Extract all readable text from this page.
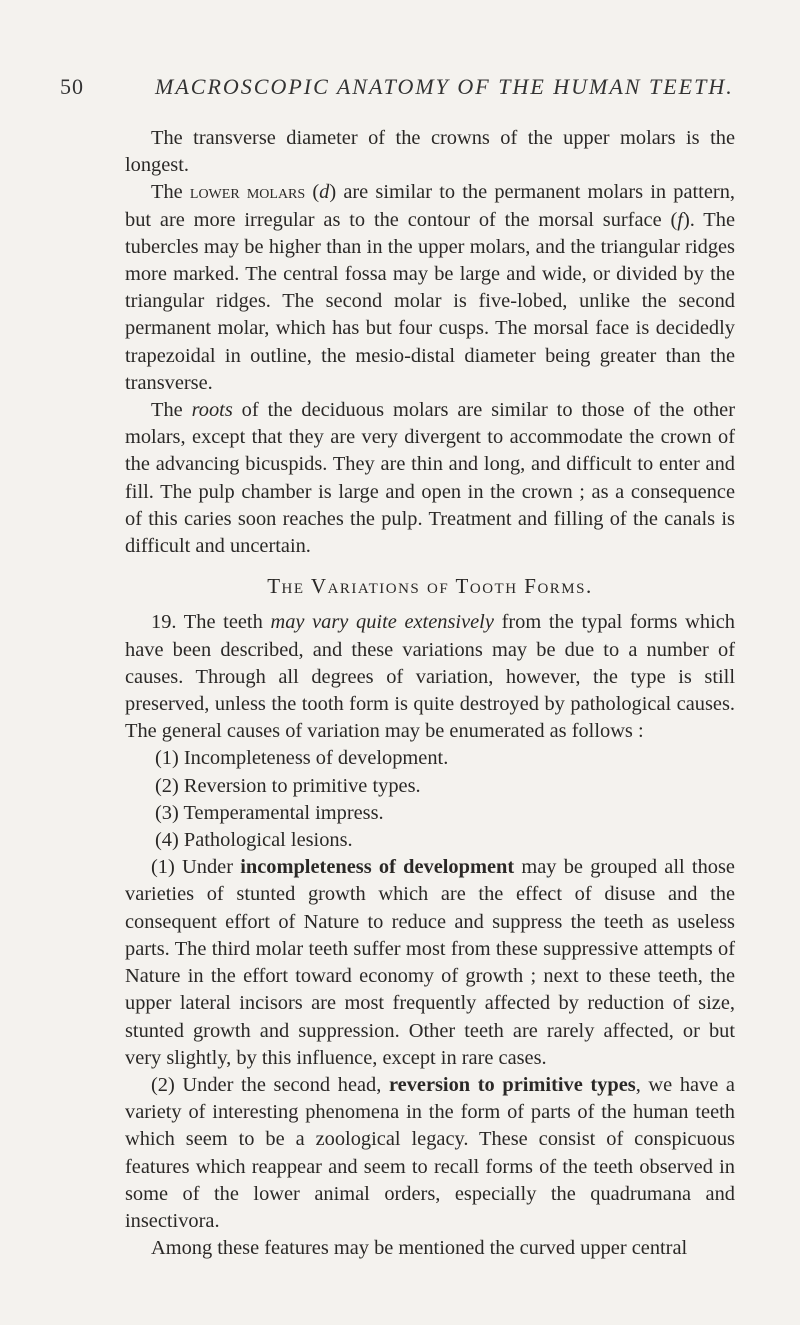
50	MACROSCOPIC ANATOMY OF THE HUMAN TEETH.

The transverse diameter of the crowns of the upper molars is the longest.

The lower molars (d) are similar to the permanent molars in pattern, but are more irregular as to the contour of the morsal surface (f). The tubercles may be higher than in the upper molars, and the triangular ridges more marked. The central fossa may be large and wide, or divided by the triangular ridges. The second molar is five-lobed, unlike the second permanent molar, which has but four cusps. The morsal face is decidedly trapezoidal in outline, the mesio-distal diameter being greater than the transverse.

The roots of the deciduous molars are similar to those of the other molars, except that they are very divergent to accommodate the crown of the advancing bicuspids. They are thin and long, and difficult to enter and fill. The pulp chamber is large and open in the crown ; as a consequence of this caries soon reaches the pulp. Treatment and filling of the canals is difficult and uncertain.

The Variations of Tooth Forms.

19. The teeth may vary quite extensively from the typal forms which have been described, and these variations may be due to a number of causes. Through all degrees of variation, however, the type is still preserved, unless the tooth form is quite destroyed by pathological causes. The general causes of variation may be enumerated as follows :

(1) Incompleteness of development.

(2) Reversion to primitive types.

(3) Temperamental impress.

(4) Pathological lesions.

(1) Under incompleteness of development may be grouped all those varieties of stunted growth which are the effect of disuse and the consequent effort of Nature to reduce and suppress the teeth as useless parts. The third molar teeth suffer most from these suppressive attempts of Nature in the effort toward economy of growth ; next to these teeth, the upper lateral incisors are most frequently affected by reduction of size, stunted growth and suppression. Other teeth are rarely affected, or but very slightly, by this influence, except in rare cases.

(2) Under the second head, reversion to primitive types, we have a variety of interesting phenomena in the form of parts of the human teeth which seem to be a zoological legacy. These consist of conspicuous features which reappear and seem to recall forms of the teeth observed in some of the lower animal orders, especially the quadrumana and insectivora.

Among these features may be mentioned the curved upper central
